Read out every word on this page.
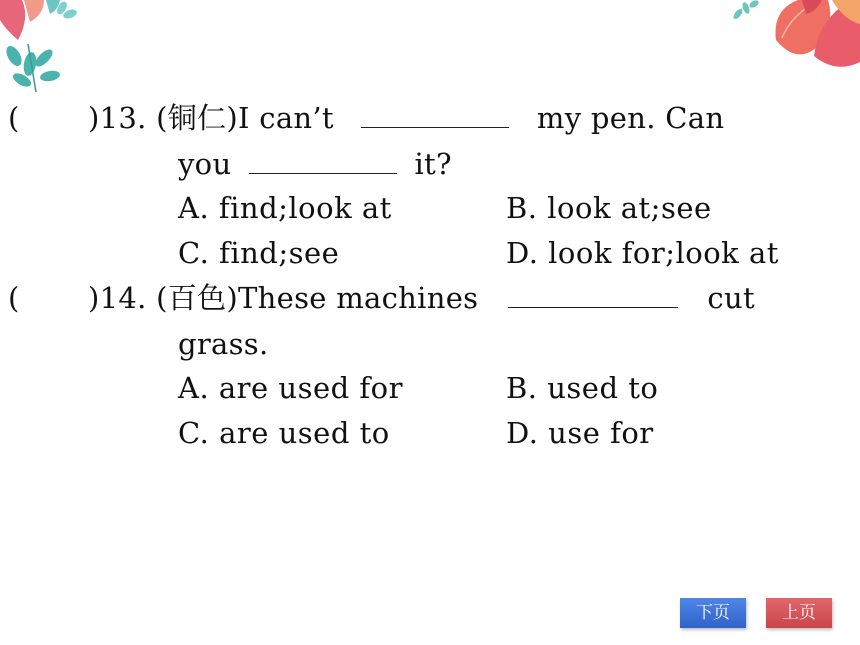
( )13. (铜仁)I can’t	my pen. Can
you	it?
A. find;look at	B. look at;see
C. find;see	D. look for;look at
( )14. (百色)These machines	cut
grass.
A. are used for	B. used to
C. are used to	D. use for
下页	上页
